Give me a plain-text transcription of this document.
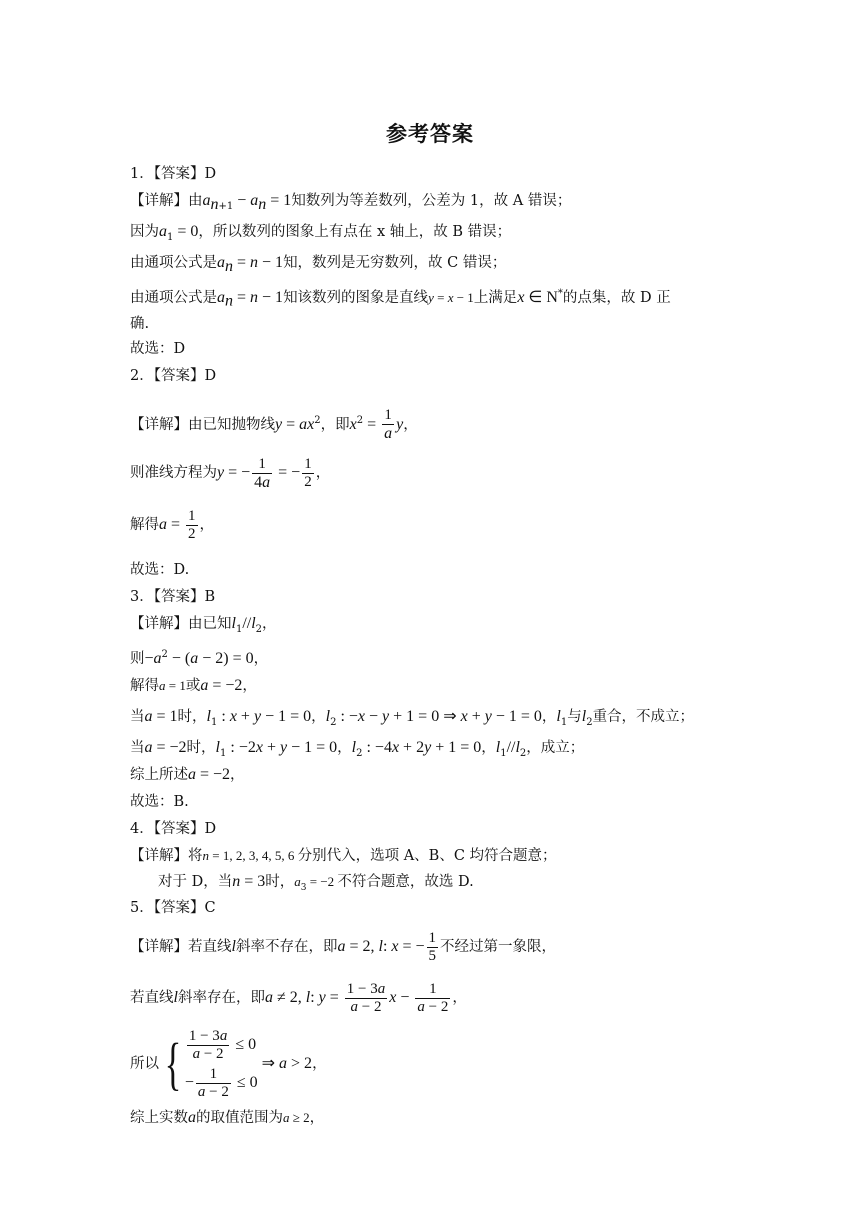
参考答案
1．【答案】D
【详解】由$a_{n+1} - a_n = 1$知数列为等差数列，公差为 1，故 A 错误；
因为$a_1 = 0$，所以数列的图象上有点在 x 轴上，故 B 错误；
由通项公式是$a_n = n - 1$知，数列是无穷数列，故 C 错误；
由通项公式是$a_n = n - 1$知该数列的图象是直线y = x − 1上满足x ∈ N*的点集，故 D 正
确.
故选：D
2．【答案】D
【详解】由已知抛物线$y = ax^2$，即$x^2 = \frac{1}{a}$ y，
则准线方程为y = − $\frac{1}{4a}$ = − $\frac{1}{2}$ ，
解得$a = \frac{1}{2}$ ，
故选：D.
3．【答案】B
【详解】由已知$l_1//l_2$，
则$-a^2 - (a - 2) = 0$，
解得a = 1或a = −2，
当a = 1时，$l_1$ : x + y − 1 = 0，$l_2$ : −x − y + 1 = 0 ⇒ x + y − 1 = 0，$l_1$与$l_2$重合，不成立；
当a = −2时，$l_1$ : −2x + y − 1 = 0，$l_2$ : −4x + 2y + 1 = 0，$l_1//l_2$，成立；
综上所述a = −2，
故选：B.
4．【答案】D
【详解】将n = 1, 2, 3, 4, 5, 6 分别代入，选项 A、B、C 均符合题意；
对于 D，当n = 3时，$a_3 = -2$ 不符合题意，故选 D.
5．【答案】C
【详解】若直线l斜率不存在，即a = 2, l: x = − $\frac{1}{5}$ 不经过第一象限，
若直线l斜率存在，即a ≠ 2, l: $y = \frac{1 - 3a}{a - 2}$ $x - \frac{1}{a - 2}$ ，
所以{ $\frac{1 - 3a}{a - 2} \le 0$
− $\frac{1}{a - 2} \le 0$
⇒ a > 2，
综上实数a的取值范围为a ≥ 2，
